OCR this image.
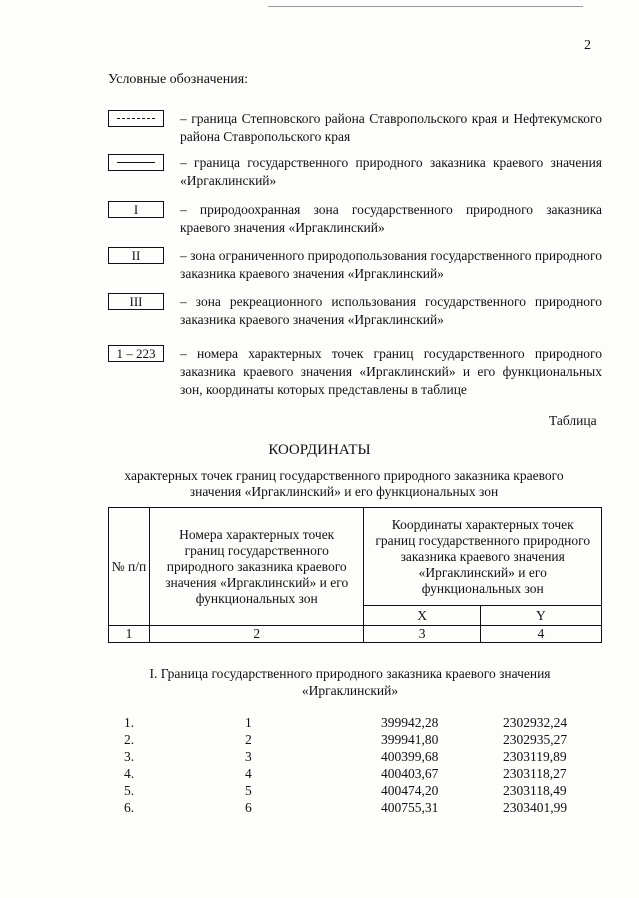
2
Условные обозначения:
– граница Степновского района Ставропольского края и Нефтекумского района Ставропольского края
– граница государственного природного заказника краевого значения «Иргаклинский»
I	– природоохранная зона государственного природного заказника краевого значения «Иргаклинский»
II	– зона ограниченного природопользования государственного природного заказника краевого значения «Иргаклинский»
III	– зона рекреационного использования государственного природного заказника краевого значения «Иргаклинский»
1 – 223	– номера характерных точек границ государственного природного заказника краевого значения «Иргаклинский» и его функциональных зон, координаты которых представлены в таблице
Таблица
КООРДИНАТЫ
характерных точек границ государственного природного заказника краевого значения «Иргаклинский» и его функциональных зон
№ п/п	Номера характерных точек границ государственного природного заказника краевого значения «Иргаклинский» и его функциональных зон	Координаты характерных точек границ государственного природного заказника краевого значения «Иргаклинский» и его функциональных зон	
		X	Y
1	2	3	4
I. Граница государственного природного заказника краевого значения «Иргаклинский»
1.	1	399942,28	2302932,24
2.	2	399941,80	2302935,27
3.	3	400399,68	2303119,89
4.	4	400403,67	2303118,27
5.	5	400474,20	2303118,49
6.	6	400755,31	2303401,99
